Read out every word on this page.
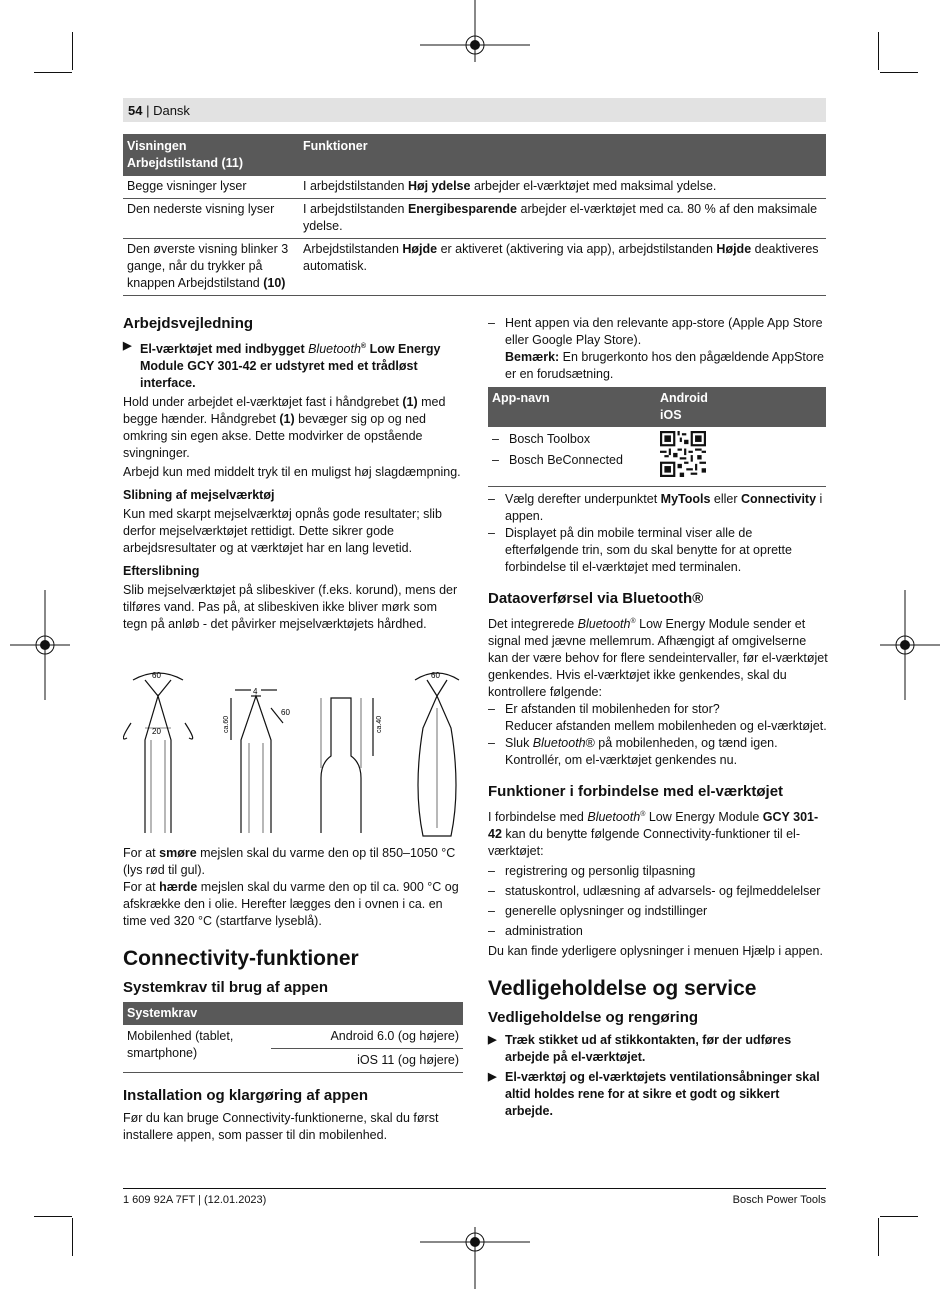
54 | Dansk
Visningen
Arbejdstilstand (11)	Funktioner
Begge visninger lyser	I arbejdstilstanden Høj ydelse arbejder el-værktøjet med maksimal ydelse.
Den nederste visning lyser	I arbejdstilstanden Energibesparende arbejder el-værktøjet med ca. 80 % af den maksimale ydelse.
Den øverste visning blinker 3 gange, når du trykker på knappen Arbejdstilstand (10)	Arbejdstilstanden Højde er aktiveret (aktivering via app), arbejdstilstanden Højde deaktiveres automatisk.
Arbejdsvejledning
▶ El-værktøjet med indbygget Bluetooth® Low Energy Module GCY 301-42 er udstyret med et trådløst interface.

Hold under arbejdet el-værktøjet fast i håndgrebet (1) med begge hænder. Håndgrebet (1) bevæger sig op og ned omkring sin egen akse. Dette modvirker de opstående svingninger.

Arbejd kun med middelt tryk til en muligst høj slagdæmpning.

Slibning af mejselværktøj

Kun med skarpt mejselværktøj opnås gode resultater; slib derfor mejselværktøjet rettidigt. Dette sikrer gode arbejdsresultater og at værktøjet har en lang levetid.

Efterslibning

Slib mejselværktøjet på slibeskiver (f.eks. korund), mens der tilføres vand. Pas på, at slibeskiven ikke bliver mørk som tegn på anløb - det påvirker mejselværktøjets hårdhed.

60
20
4
ca.60
60
ca.40
60

For at smøre mejslen skal du varme den op til 850–1050 °C (lys rød til gul).

For at hærde mejslen skal du varme den op til ca. 900 °C og afskrække den i olie. Herefter lægges den i ovnen i ca. en time ved 320 °C (startfarve lyseblå).

Connectivity-funktioner
Systemkrav til brug af appen
Systemkrav
Mobilenhed (tablet, smartphone)	Android 6.0 (og højere)
iOS 11 (og højere)
Installation og klargøring af appen

Før du kan bruge Connectivity-funktionerne, skal du først installere appen, som passer til din mobilenhed.

– Hent appen via den relevante app-store (Apple App Store eller Google Play Store).
Bemærk: En brugerkonto hos den pågældende AppStore er en forudsætning.
App-navn	Android
iOS

– Bosch Toolbox
– Bosch BeConnected

– Vælg derefter underpunktet MyTools eller Connectivity i appen.
– Displayet på din mobile terminal viser alle de efterfølgende trin, som du skal benytte for at oprette forbindelse til el-værktøjet med terminalen.
Dataoverførsel via Bluetooth®

Det integrerede Bluetooth® Low Energy Module sender et signal med jævne mellemrum. Afhængigt af omgivelserne kan der være behov for flere sendeintervaller, før el-værktøjet genkendes. Hvis el-værktøjet ikke genkendes, skal du kontrollere følgende:

– Er afstanden til mobilenheden for stor?
Reducer afstanden mellem mobilenheden og el-værktøjet.
– Sluk Bluetooth® på mobilenheden, og tænd igen.
Kontrollér, om el-værktøjet genkendes nu.
Funktioner i forbindelse med el-værktøjet

I forbindelse med Bluetooth® Low Energy Module GCY 301-42 kan du benytte følgende Connectivity-funktioner til el-værktøjet:

– registrering og personlig tilpasning
– statuskontrol, udlæsning af advarsels- og fejlmeddelelser
– generelle oplysninger og indstillinger
– administration

Du kan finde yderligere oplysninger i menuen Hjælp i appen.

Vedligeholdelse og service
Vedligeholdelse og rengøring
▶ Træk stikket ud af stikkontakten, før der udføres arbejde på el-værktøjet.
▶ El-værktøj og el-værktøjets ventilationsåbninger skal altid holdes rene for at sikre et godt og sikkert arbejde.
1 609 92A 7FT | (12.01.2023)	Bosch Power Tools
